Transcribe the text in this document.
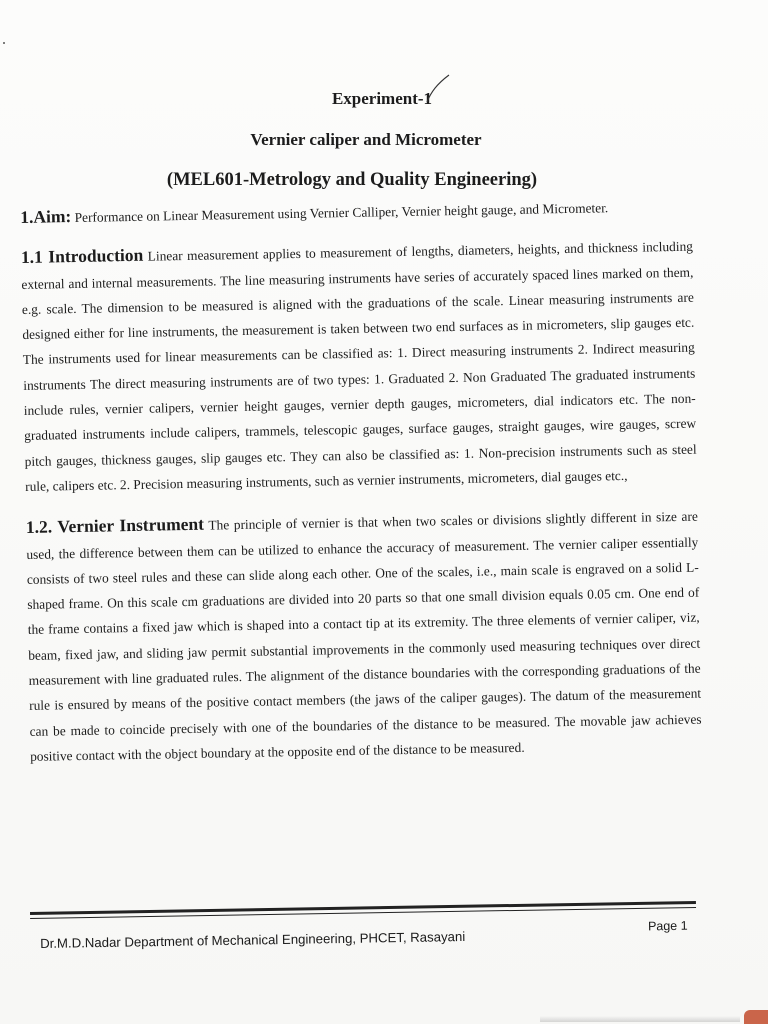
Experiment-1
Vernier caliper and Micrometer
(MEL601-Metrology and Quality Engineering)

1.Aim: Performance on Linear Measurement using Vernier Calliper, Vernier height gauge, and Micrometer.

1.1 Introduction Linear measurement applies to measurement of lengths, diameters, heights, and thickness including external and internal measurements. The line measuring instruments have series of accurately spaced lines marked on them, e.g. scale. The dimension to be measured is aligned with the graduations of the scale. Linear measuring instruments are designed either for line instruments, the measurement is taken between two end surfaces as in micrometers, slip gauges etc. The instruments used for linear measurements can be classified as: 1. Direct measuring instruments 2. Indirect measuring instruments The direct measuring instruments are of two types: 1. Graduated 2. Non Graduated The graduated instruments include rules, vernier calipers, vernier height gauges, vernier depth gauges, micrometers, dial indicators etc. The non-graduated instruments include calipers, trammels, telescopic gauges, surface gauges, straight gauges, wire gauges, screw pitch gauges, thickness gauges, slip gauges etc. They can also be classified as: 1. Non-precision instruments such as steel rule, calipers etc. 2. Precision measuring instruments, such as vernier instruments, micrometers, dial gauges etc.,

1.2. Vernier Instrument The principle of vernier is that when two scales or divisions slightly different in size are used, the difference between them can be utilized to enhance the accuracy of measurement. The vernier caliper essentially consists of two steel rules and these can slide along each other. One of the scales, i.e., main scale is engraved on a solid L-shaped frame. On this scale cm graduations are divided into 20 parts so that one small division equals 0.05 cm. One end of the frame contains a fixed jaw which is shaped into a contact tip at its extremity. The three elements of vernier caliper, viz, beam, fixed jaw, and sliding jaw permit substantial improvements in the commonly used measuring techniques over direct measurement with line graduated rules. The alignment of the distance boundaries with the corresponding graduations of the rule is ensured by means of the positive contact members (the jaws of the caliper gauges). The datum of the measurement can be made to coincide precisely with one of the boundaries of the distance to be measured. The movable jaw achieves positive contact with the object boundary at the opposite end of the distance to be measured.

Page 1
Dr.M.D.Nadar Department of Mechanical Engineering, PHCET, Rasayani
